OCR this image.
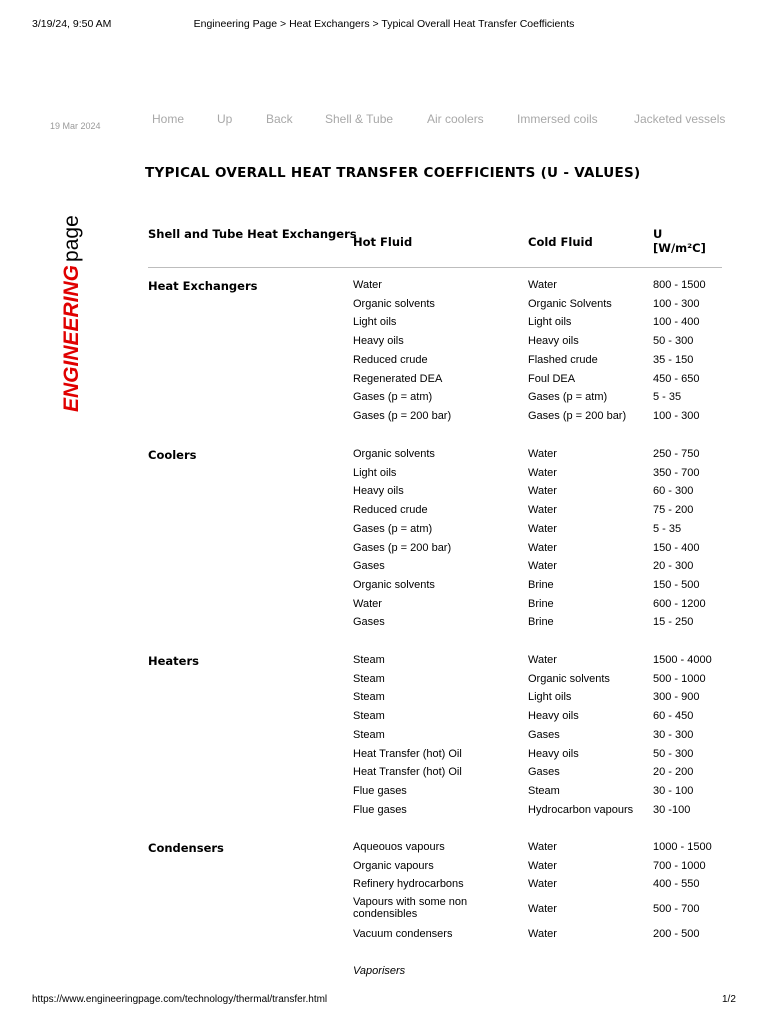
3/19/24, 9:50 AM	Engineering Page > Heat Exchangers > Typical Overall Heat Transfer Coefficients
19 Mar 2024	Home	Up	Back	Shell & Tube	Air coolers	Immersed coils	Jacketed vessels
ENGINEERINGpage
TYPICAL OVERALL HEAT TRANSFER COEFFICIENTS (U - VALUES)
Shell and Tube Heat Exchangers
Hot Fluid	Cold Fluid
U
[W/m²C]
Heat Exchangers	Water	Water	800 - 1500
Organic solvents	Organic Solvents	100 - 300
Light oils	Light oils	100 - 400
Heavy oils	Heavy oils	50 - 300
Reduced crude	Flashed crude	35 - 150
Regenerated DEA	Foul DEA	450 - 650
Gases (p = atm)	Gases (p = atm)	5 - 35
Gases (p = 200 bar)	Gases (p = 200 bar) 100 - 300
Coolers	Organic solvents	Water	250 - 750
Light oils	Water	350 - 700
Heavy oils	Water	60 - 300
Reduced crude	Water	75 - 200
Gases (p = atm)	Water	5 - 35
Gases (p = 200 bar)	Water	150 - 400
Gases	Water	20 - 300
Organic solvents	Brine	150 - 500
Water	Brine	600 - 1200
Gases	Brine	15 - 250
Heaters	Steam	Water	1500 - 4000
Steam	Organic solvents	500 - 1000
Steam	Light oils	300 - 900
Steam	Heavy oils	60 - 450
Steam	Gases	30 - 300
Heat Transfer (hot) Oil	Heavy oils	50 - 300
Heat Transfer (hot) Oil	Gases	20 - 200
Flue gases	Steam	30 - 100
Flue gases	Hydrocarbon vapours 30 -100
Condensers	Aqueouos vapours	Water	1000 - 1500
Organic vapours	Water	700 - 1000
Refinery hydrocarbons	Water	400 - 550
Vapours with some non condensibles	Water	500 - 700
Vacuum condensers	Water	200 - 500
Vaporisers
https://www.engineeringpage.com/technology/thermal/transfer.html	1/2
